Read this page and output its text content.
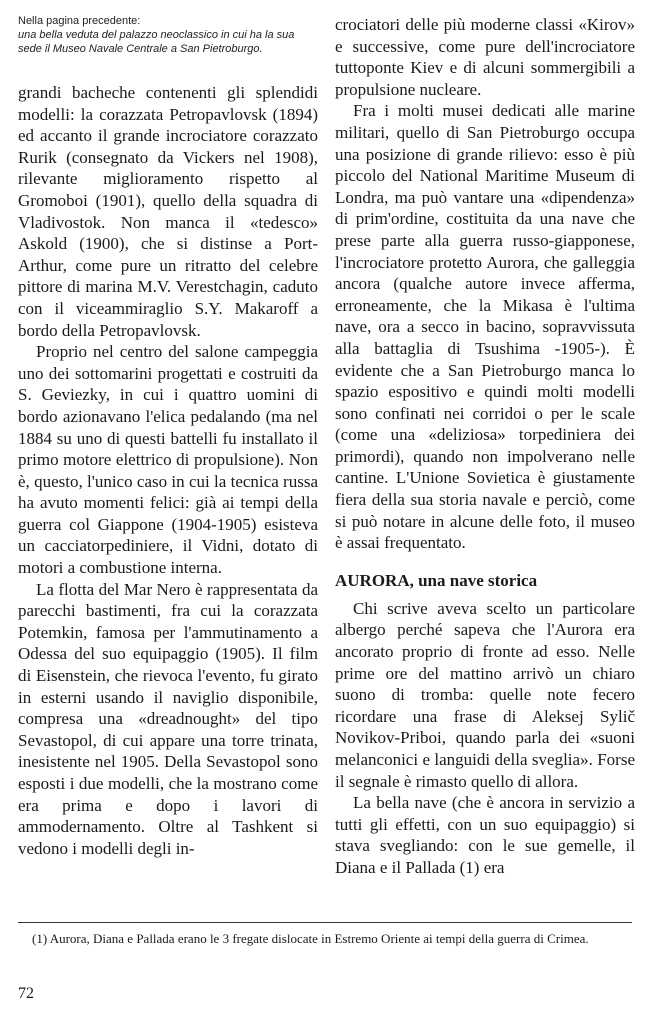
Nella pagina precedente:
una bella veduta del palazzo neoclassico in cui ha la sua sede il Museo Navale Centrale a San Pietroburgo.

grandi bacheche contenenti gli splendidi modelli: la corazzata Petropavlovsk (1894) ed accanto il grande incrociatore corazzato Rurik (consegnato da Vickers nel 1908), rilevante miglioramento rispetto al Gromoboi (1901), quello della squadra di Vladivostok. Non manca il «tedesco» Askold (1900), che si distinse a Port-Arthur, come pure un ritratto del celebre pittore di marina M.V. Verestchagin, caduto con il viceammiraglio S.Y. Makaroff a bordo della Petropavlovsk.

Proprio nel centro del salone campeggia uno dei sottomarini progettati e costruiti da S. Geviezky, in cui i quattro uomini di bordo azionavano l'elica pedalando (ma nel 1884 su uno di questi battelli fu installato il primo motore elettrico di propulsione). Non è, questo, l'unico caso in cui la tecnica russa ha avuto momenti felici: già ai tempi della guerra col Giappone (1904-1905) esisteva un cacciatorpediniere, il Vidni, dotato di motori a combustione interna.

La flotta del Mar Nero è rappresentata da parecchi bastimenti, fra cui la corazzata Potemkin, famosa per l'ammutinamento a Odessa del suo equipaggio (1905). Il film di Eisenstein, che rievoca l'evento, fu girato in esterni usando il naviglio disponibile, compresa una «dreadnought» del tipo Sevastopol, di cui appare una torre trinata, inesistente nel 1905. Della Sevastopol sono esposti i due modelli, che la mostrano come era prima e dopo i lavori di ammodernamento. Oltre al Tashkent si vedono i modelli degli in-

crociatori delle più moderne classi «Kirov» e successive, come pure dell'incrociatore tuttoponte Kiev e di alcuni sommergibili a propulsione nucleare.

Fra i molti musei dedicati alle marine militari, quello di San Pietroburgo occupa una posizione di grande rilievo: esso è più piccolo del National Maritime Museum di Londra, ma può vantare una «dipendenza» di prim'ordine, costituita da una nave che prese parte alla guerra russo-giapponese, l'incrociatore protetto Aurora, che galleggia ancora (qualche autore invece afferma, erroneamente, che la Mikasa è l'ultima nave, ora a secco in bacino, sopravvissuta alla battaglia di Tsushima -1905-). È evidente che a San Pietroburgo manca lo spazio espositivo e quindi molti modelli sono confinati nei corridoi o per le scale (come una «deliziosa» torpediniera dei primordi), quando non impolverano nelle cantine. L'Unione Sovietica è giustamente fiera della sua storia navale e perciò, come si può notare in alcune delle foto, il museo è assai frequentato.

AURORA, una nave storica

Chi scrive aveva scelto un particolare albergo perché sapeva che l'Aurora era ancorato proprio di fronte ad esso. Nelle prime ore del mattino arrivò un chiaro suono di tromba: quelle note fecero ricordare una frase di Aleksej Sylič Novikov-Priboi, quando parla dei «suoni melanconici e languidi della sveglia». Forse il segnale è rimasto quello di allora.

La bella nave (che è ancora in servizio a tutti gli effetti, con un suo equipaggio) si stava svegliando: con le sue gemelle, il Diana e il Pallada (1) era

(1) Aurora, Diana e Pallada erano le 3 fregate dislocate in Estremo Oriente ai tempi della guerra di Crimea.

72
